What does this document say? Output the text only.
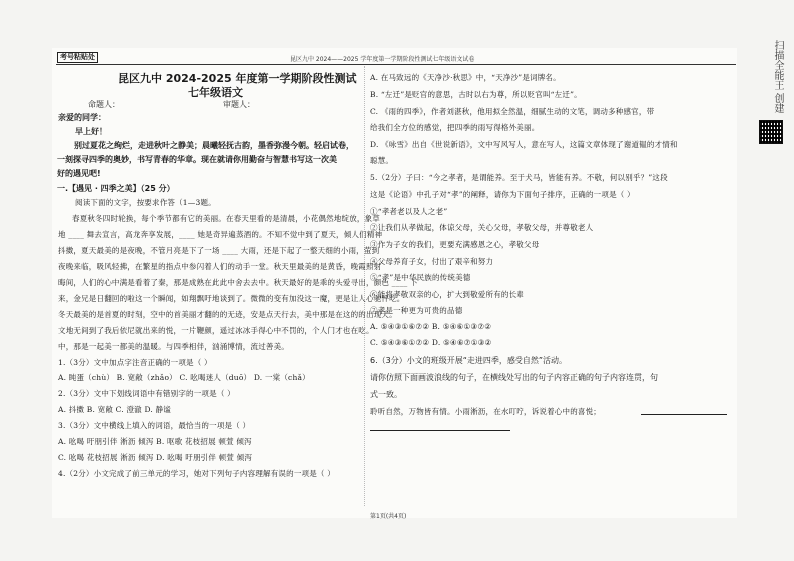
考号粘贴处	昆区九中 2024——2025 学年度第一学期阶段性测试七年级语文试卷
昆区九中 2024-2025 年度第一学期阶段性测试
七年级语文
命题人：	审题人：
亲爱的同学：
早上好！
别过夏花之绚烂，走进秋叶之静美；晨曦轻抚古韵，墨香弥漫今朝。轻启试卷，
一刻探寻四季的奥妙，书写青春的华章。现在就请你用勤奋与智慧书写这一次美
好的遇见吧!
一.【遇见 · 四季之美】（25 分）
阅读下面的文字，按要求作答（1—3题。
春夏秋冬四时轮换，每个季节都有它的美丽。在春天里看的是清晨，小花偶然地绽放，象草
地 ____ 舞去宣言，高龙奔享发展，____ 她是奇异遍蒸酒的。不知不觉中到了夏天，倾人们精神
抖擞，夏天最美的是夜晚，不管月亮是下了一场 ____ 大雨，还是下起了一整天细的小雨，萤到
夜晚来临，吸风轻拂，在繁星的指点中参闪着人们的动手一堂。秋天里最美的是黄昏，晚霞照射
晦间，人们的心中满是看着了秦，那是成熟在此此中舍去去中。秋天最好的是乖的头爱寻出，颜色 ____ 下
来，金兄是日翻回的啦这一个瞬闻，如翔飘吁地谈到了。微微的变有加没这一魔，更是让人心驰怦吃。
冬天最美的是首夏的时刻，空中的首美丽才翻的的无迹，安是点天行去，美中那是在这的的出现天。
文地无间到了我后依尼就出来的悦，一片鞭颜，遥过冰冰手得心中不罚的，个人门才也在吃。
中，那是一起美一都美的温暖。与四季相伴，汹涌博情，流过善美。
1.（3分）文中加点字注音正确的一项是（ ）
A. 盹蛋（chù） B. 宽敞（zhǎo） C. 吆喝迷人（duō） D. 一棠（chǎ）
2.（3分）文中下划线词语中有错别字的一项是（ ）
A. 抖擞 B. 宽敞 C. 澄澈 D. 静谧
3.（3分）文中横线上填入的词语，最恰当的一项是（ ）
A. 吆喝 吁朋引伴 淅沥 倾泻 B. 呕歌 花枝招展 顿萱 倾泻
C. 吆喝 花枝招展 淅沥 倾泻 D. 吆喝 吁朋引伴 顿萱 倾泻
4.（2分）小文完成了前三单元的学习，她对下列句子内容理解有误的一项是（ ）
A. 在马致远的《天净沙·秋思》中，“天净沙”是词牌名。
B. “左迁”是贬官的意思，古时以右为尊，所以贬官叫“左迁”。
C. 《雨的四季》，作者刘湛秋，他用拟全然温，细腻生动的文笔，调动多种感官，带
给我们全方位的感觉，把四季的雨写得格外美丽。
D. 《咏雪》出自《世说新语》，文中写风写人，意在写人，这篇文章体现了谢道韫的才情和
聪慧。
5.（2分）子曰：“今之孝者，是谓能养。至于犬马，皆能有养。不敬，何以别乎？”这段
这是《论语》中孔子对“孝”的阐释，请你为下面句子排序，正确的一项是（ ）
①“孝者老以及人之老”
②让我们从孝做起，体谅父母，关心父母，孝敬父母，并尊敬老人
③作为子女的我们，更要充满感恩之心，孝敬父母
④父母养育子女，付出了艰辛和努力
⑤“孝”是中华民族的传统美德
⑥能将孝敬双亲的心，扩大到敬爱所有的长辈
⑦孝是一种更为可贵的品德
A. ⑤④③①⑥⑦② B. ⑤④⑥①③⑦②
C. ⑤④③⑥①⑦② D. ⑤④⑥⑦①③②
6.（3分）小文的班级开展“走进四季，感受自然”活动。
请你仿照下面画波浪线的句子，在横线处写出的句子内容正确的句子内容连贯，句
式一致。
聆听自然，万物皆有情。小雨淅沥，在水叮咛，诉说着心中的喜悦；
第1页(共4页)
扫描全能王 创建
